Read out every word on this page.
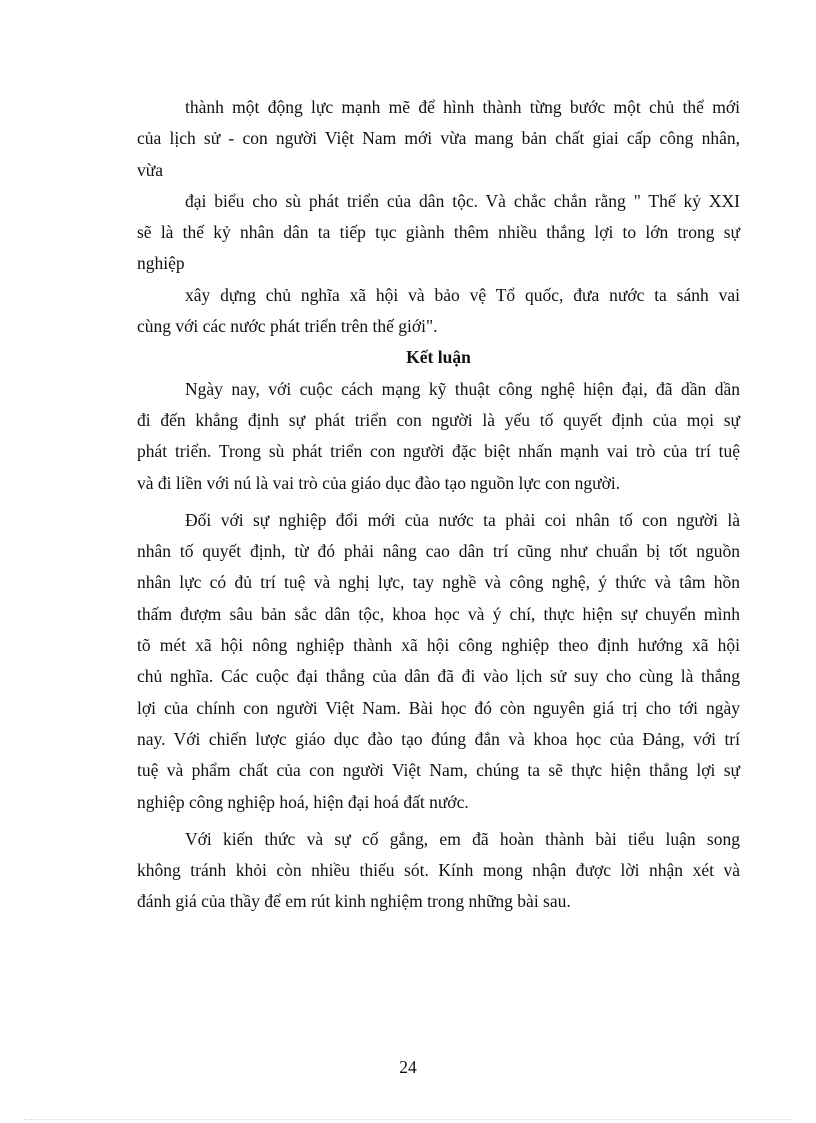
thành một động lực mạnh mẽ để hình thành từng bước một chủ thể mới
của lịch sử - con người Việt Nam mới vừa mang bản chất giai cấp công nhân,
vừa
đại biểu cho sù phát triển của dân tộc. Và chắc chắn rằng " Thế kỷ XXI
sẽ là thế kỷ nhân dân ta tiếp tục giành thêm nhiều thắng lợi to lớn trong sự
nghiệp
xây dựng chủ nghĩa xã hội và bảo vệ Tổ quốc, đưa nước ta sánh vai
cùng với các nước phát triển trên thế giới".
Kết luận
Ngày nay, với cuộc cách mạng kỹ thuật công nghệ hiện đại, đã dần dần
đi đến khẳng định sự phát triển con người là yếu tố quyết định của mọi sự
phát triển. Trong sù phát triển con người đặc biệt nhấn mạnh vai trò của trí tuệ
và đi liền với nú là vai trò của giáo dục đào tạo nguồn lực con người.
Đối với sự nghiệp đổi mới của nước ta phải coi nhân tố con người là
nhân tố quyết định, từ đó phải nâng cao dân trí cũng như chuẩn bị tốt nguồn
nhân lực có đủ trí tuệ và nghị lực, tay nghề và công nghệ, ý thức và tâm hồn
thấm đượm sâu bản sắc dân tộc, khoa học và ý chí, thực hiện sự chuyển mình
tõ mét xã hội nông nghiệp thành xã hội công nghiệp theo định hướng xã hội
chủ nghĩa. Các cuộc đại thắng của dân đã đi vào lịch sử suy cho cùng là thắng
lợi của chính con người Việt Nam. Bài học đó còn nguyên giá trị cho tới ngày
nay. Với chiến lược giáo dục đào tạo đúng đắn và khoa học của Đảng, với trí
tuệ và phẩm chất của con người Việt Nam, chúng ta sẽ thực hiện thắng lợi sự
nghiệp công nghiệp hoá, hiện đại hoá đất nước.
Với kiến thức và sự cố gắng, em đã hoàn thành bài tiểu luận song
không tránh khỏi còn nhiều thiếu sót. Kính mong nhận được lời nhận xét và
đánh giá của thầy để em rút kinh nghiệm trong những bài sau.
24
